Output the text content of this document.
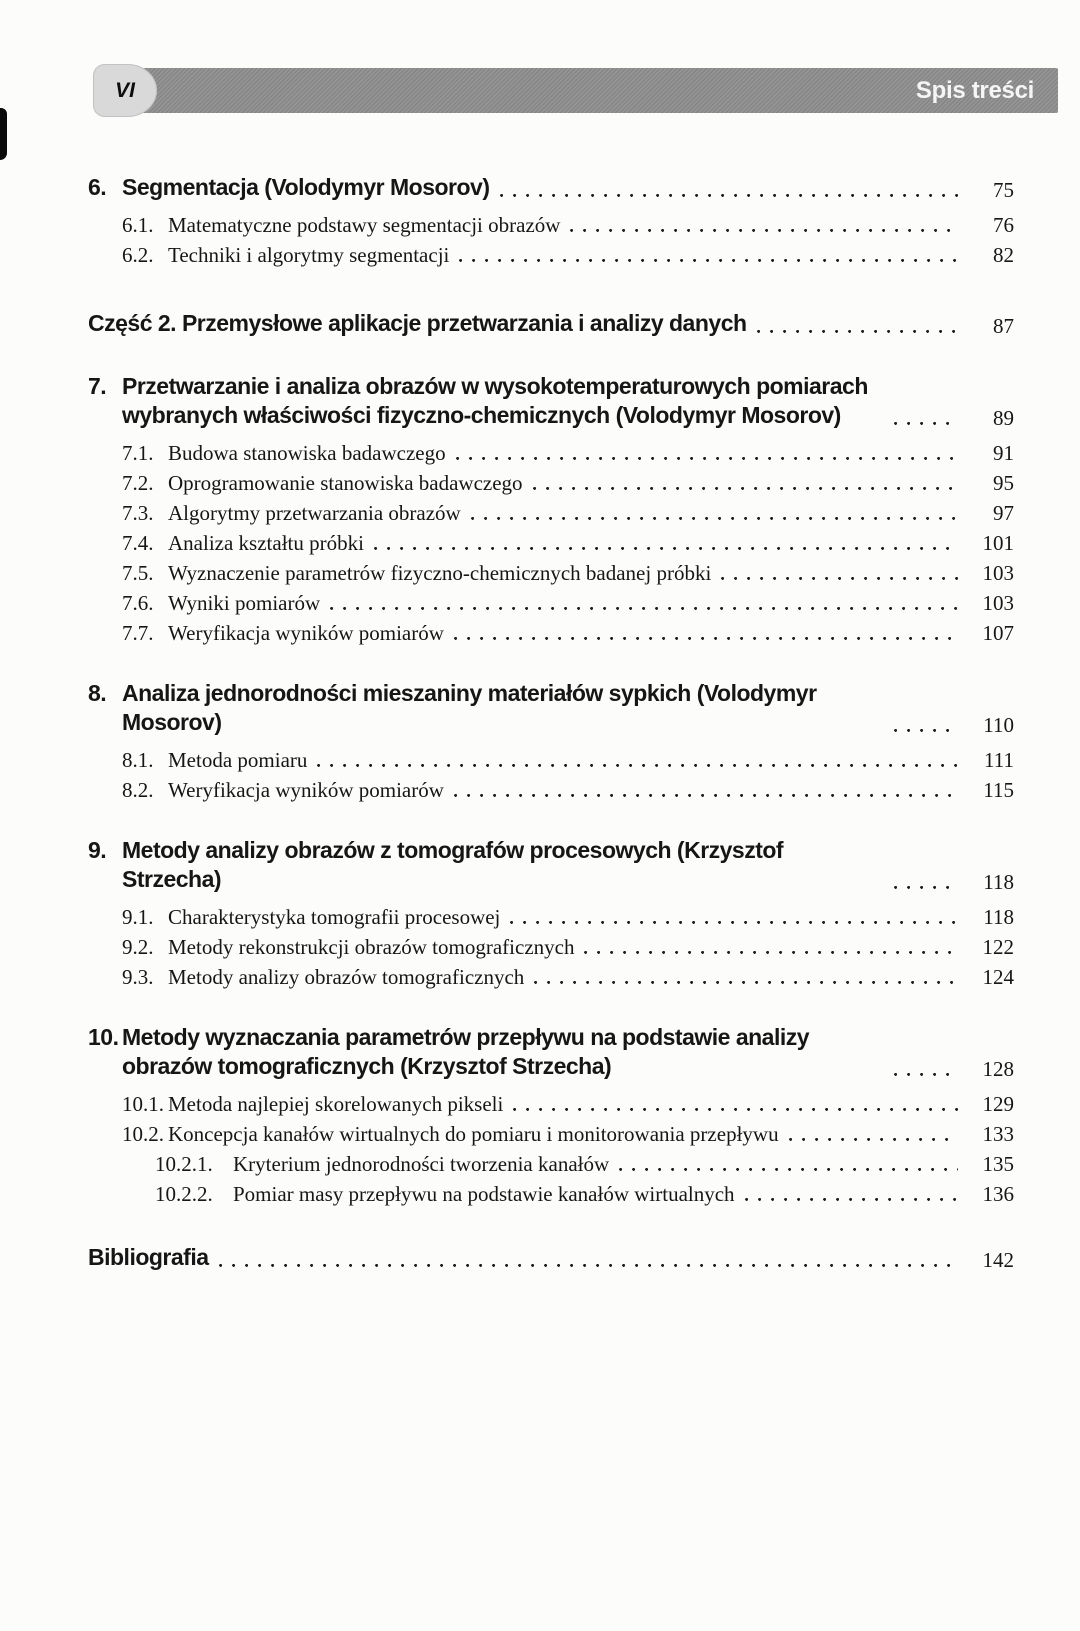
VI	Spis treści
6. Segmentacja (Volodymyr Mosorov)	75
6.1. Matematyczne podstawy segmentacji obrazów	76
6.2. Techniki i algorytmy segmentacji	82
Część 2. Przemysłowe aplikacje przetwarzania i analizy danych	87
7. Przetwarzanie i analiza obrazów w wysokotemperaturowych pomiarach wybranych właściwości fizyczno-chemicznych (Volodymyr Mosorov)	89
7.1. Budowa stanowiska badawczego	91
7.2. Oprogramowanie stanowiska badawczego	95
7.3. Algorytmy przetwarzania obrazów	97
7.4. Analiza kształtu próbki	101
7.5. Wyznaczenie parametrów fizyczno-chemicznych badanej próbki	103
7.6. Wyniki pomiarów	103
7.7. Weryfikacja wyników pomiarów	107
8. Analiza jednorodności mieszaniny materiałów sypkich (Volodymyr Mosorov)	110
8.1. Metoda pomiaru	111
8.2. Weryfikacja wyników pomiarów	115
9. Metody analizy obrazów z tomografów procesowych (Krzysztof Strzecha)	118
9.1. Charakterystyka tomografii procesowej	118
9.2. Metody rekonstrukcji obrazów tomograficznych	122
9.3. Metody analizy obrazów tomograficznych	124
10. Metody wyznaczania parametrów przepływu na podstawie analizy obrazów tomograficznych (Krzysztof Strzecha)	128
10.1. Metoda najlepiej skorelowanych pikseli	129
10.2. Koncepcja kanałów wirtualnych do pomiaru i monitorowania przepływu	133
10.2.1. Kryterium jednorodności tworzenia kanałów	135
10.2.2. Pomiar masy przepływu na podstawie kanałów wirtualnych	136
Bibliografia	142
